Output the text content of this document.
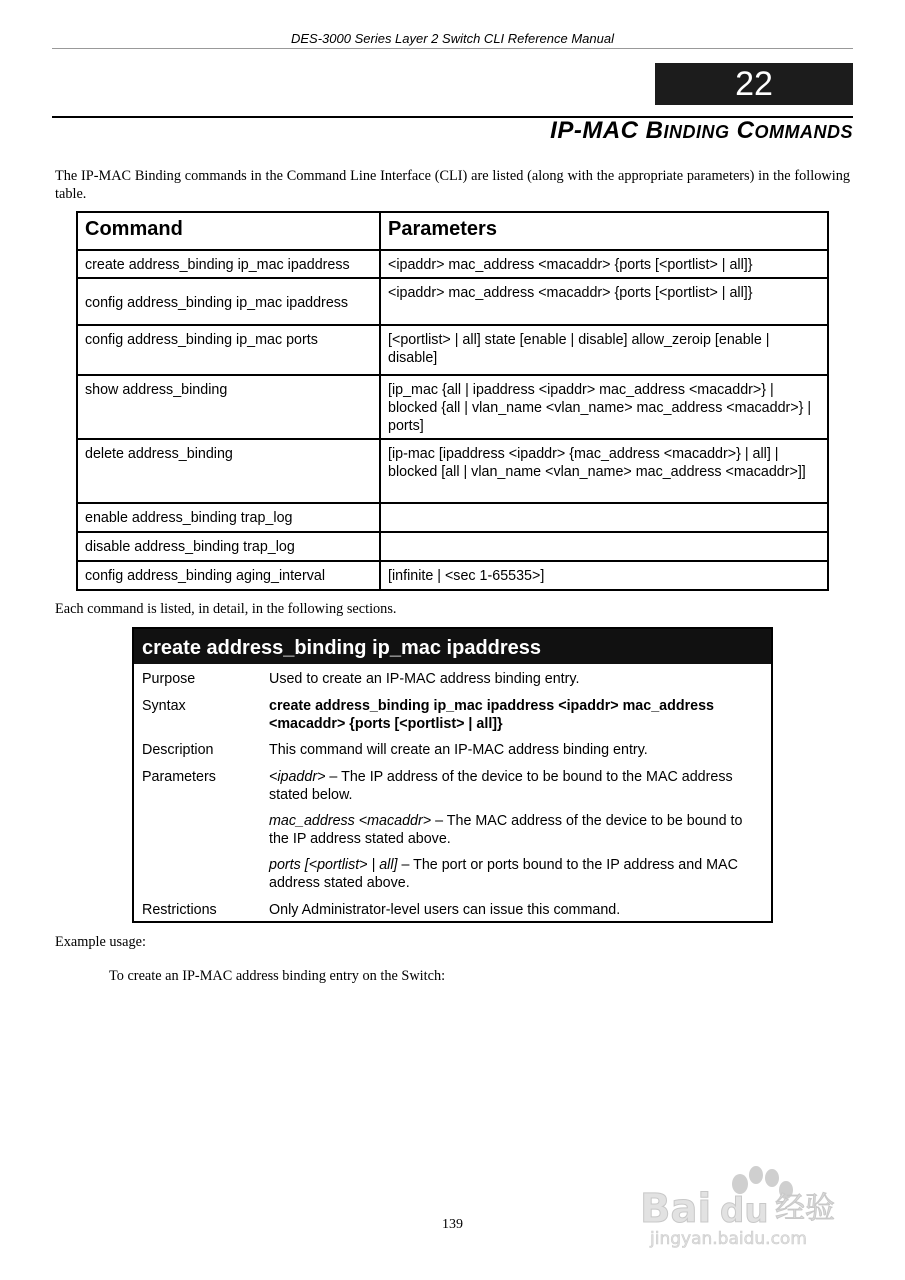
DES-3000 Series Layer 2 Switch CLI Reference Manual
22
IP-MAC BINDING COMMANDS
The IP-MAC Binding commands in the Command Line Interface (CLI) are listed (along with the appropriate parameters) in the following table.
Command	Parameters
create address_binding ip_mac ipaddress	<ipaddr> mac_address <macaddr> {ports [<portlist> | all]}
config address_binding ip_mac ipaddress	<ipaddr> mac_address <macaddr> {ports [<portlist> | all]}
config address_binding ip_mac ports	[<portlist> | all] state [enable | disable] allow_zeroip [enable | disable]
show address_binding	[ip_mac {all | ipaddress <ipaddr> mac_address <macaddr>} | blocked {all | vlan_name <vlan_name> mac_address <macaddr>} | ports]
delete address_binding	[ip-mac [ipaddress <ipaddr> {mac_address <macaddr>} | all] | blocked [all | vlan_name <vlan_name> mac_address <macaddr>]]
enable address_binding trap_log	
disable address_binding trap_log	
config address_binding aging_interval	[infinite | <sec 1-65535>]
Each command is listed, in detail, in the following sections.
create address_binding ip_mac ipaddress
Purpose	Used to create an IP-MAC address binding entry.
Syntax	create address_binding ip_mac ipaddress <ipaddr> mac_address <macaddr> {ports [<portlist> | all]}
Description	This command will create an IP-MAC address binding entry.
Parameters	<ipaddr> – The IP address of the device to be bound to the MAC address stated below.
mac_address <macaddr> – The MAC address of the device to be bound to the IP address stated above.
ports [<portlist> | all] – The port or ports bound to the IP address and MAC address stated above.
Restrictions	Only Administrator-level users can issue this command.
Example usage:
To create an IP-MAC address binding entry on the Switch:
139	Bai du 经验
jingyan.baidu.com
